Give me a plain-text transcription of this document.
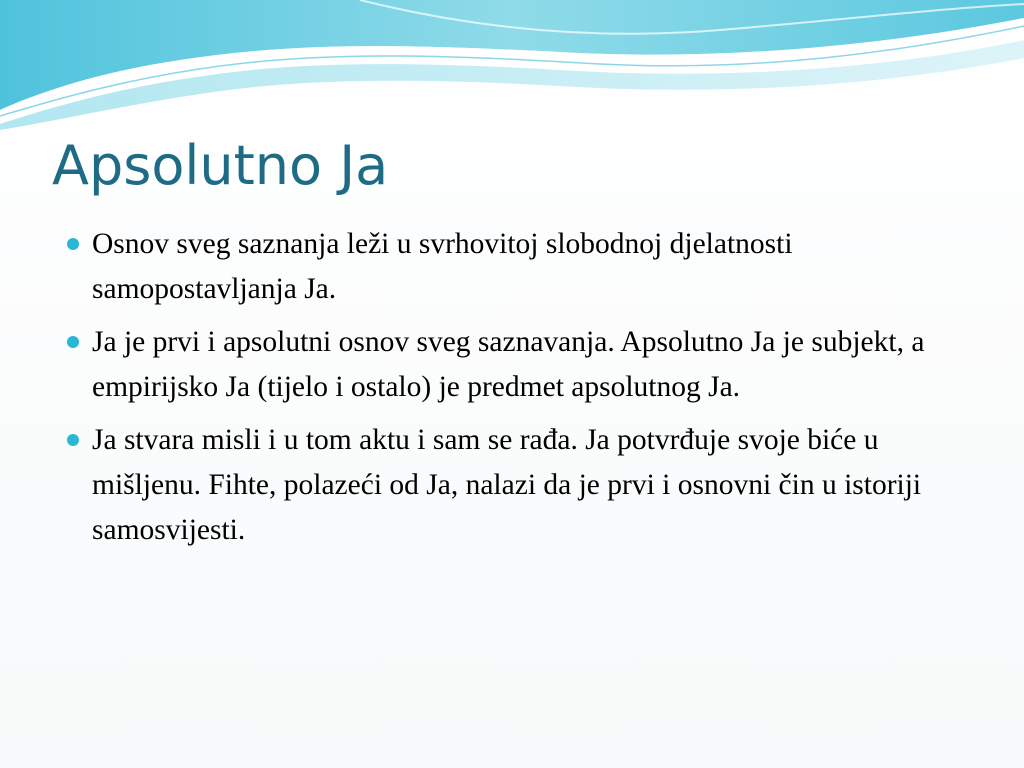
Apsolutno Ja
Osnov sveg saznanja leži u svrhovitoj slobodnoj djelatnosti samopostavljanja Ja.
Ja je prvi i apsolutni osnov sveg saznavanja. Apsolutno Ja je subjekt, a empirijsko Ja (tijelo i ostalo) je predmet apsolutnog Ja.
Ja stvara misli i u tom aktu i sam se rađa. Ja potvrđuje svoje biće u mišljenu. Fihte, polazeći od Ja, nalazi da je prvi i osnovni čin u istoriji samosvijesti.
